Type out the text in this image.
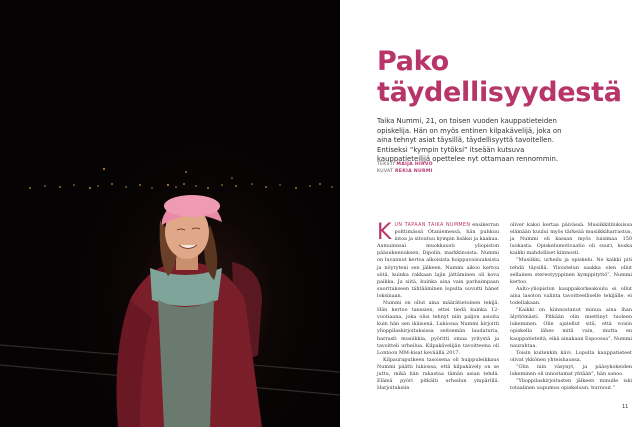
Pako
täydellisyydestä

Taika Nummi, 21, on toisen vuoden kauppatieteiden opiskelija. Hän on myös entinen kilpakävelijä, joka on aina tehnyt asiat täysillä, täydellisyyttä tavoitellen. Entiseksi ”kympin tytöksi” itseään kutsuva kauppatieteilijä opettelee nyt ottamaan rennommin.

TEKSTI MAIJA HIRVO
KUVAT REKIA NURMI

KUN TAPAAN TAIKA NUMMEN ensikerran polttimässä Otaniemessä, hän puhkuu intoa ja sitoutuu kympin lisäksi ja kaakua. Aamuinnsai muokkausti yliopiston pääsukennuksen, Dipolin, markkinoista. Nummi on luvannut kertoa alkoisista hoippuvaisuuksista ja nöyryteni sen jälkeen. Nummi aikoo kertoa siitä, kuinka rakkaan lajin jättäminen oli kova paikka. Ja siitä, kuinka aina vain parhaimpaan suoritukseen tähtääminen lopulta uuvutti hänet loksinaan.

Nummi on ollut aina määrätietoinen tekijä. Hän kertoo tanssien, ettei tiedä kuinka 12-vuotiaana, joka olisi tehnyt niin paljon asioita kuin hän sen ikäisenä. Lukiossa Nummi kirjoitti ylioppilaskirjoituksissa seitsemän laudaturia, harrasti musiikkia, pyöritti omaa yritystä ja tavoitteli urheilua. Kilpakävelijän tavoitteena oli Lontoon MM-kisat keväällä 2017.

Kilpauraputkeen tasoisena oli huippuleikkaus Nummi päätti lukiossa, että kilpakävely on se juttu, mikä hän rakastaa tämän asian tehdä. Elämä pyöri pitkälti urheilun ympärillä. Harjoituksiin

oliver kaksi kertaa päivässä. Musiikkitiluksissa elämään kuului myös tärkeää musiikkiharrastus, ja Nummi oli kassan myös luisimaa 150 luokasta. Opiskelumotivaatio oli suuri, koska kaikki mahdolliset kiinnosti.

”Musiikki, urheilu ja opiskelu. Ne kaikki piti tehdä täysillä. Ylioistelun saakka olen ollut sellainen stereotyyppinen kymppityttö”, Nummi kertoo.

Aalto-yliopiston kauppakorkeakoulu ei ollut aina lasoton valinta tavoitteelliselle tekijälle, ei todellakaan.

”Kaikki on kiinnostanut minua aina ihan älyttömästi. Pitkään olin miettinyt tuoleen lukeminen. Olin ajatellut sitä, että voisin opiskella lähes mitä vain, mutta en kauppatieteitä, eikä ainakaan Espoossa”, Nummi naurahtaa.

Toisin kuitenkin kävi. Lopulta kauppatieteet olivat ykkönen yhteishaussa.

”Olin niin väsynyt, ja pääsykokeiden lukeminen oli innostamat yhtään”, hän sanoo.

”Ylioppilaskirjoitusten jälkeen minulle iski totaalinen uupumus opiskeluun, burnout.”

11
